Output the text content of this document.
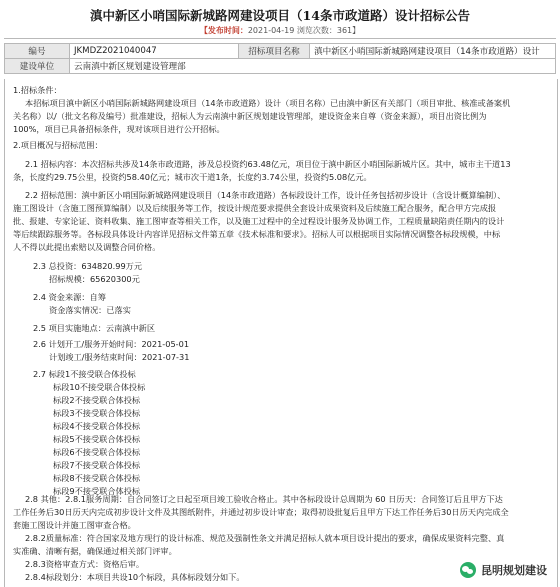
滇中新区小哨国际新城路网建设项目（14条市政道路）设计招标公告
【发布时间：2021-04-19 浏览次数：361】
编号	JKMDZ2021040047	招标项目名称	滇中新区小哨国际新城路网建设项目（14条市政道路）设计
建设单位	云南滇中新区规划建设管理部		

1.招标条件：

本招标项目滇中新区小哨国际新城路网建设项目（14条市政道路）设计（项目名称）已由滇中新区有关部门（项目审批、核准或备案机

关名称）以/（批文名称及编号）批准建设，招标人为云南滇中新区规划建设管理部，建设资金来自尊（资金来源），项目出资比例为

100%，项目已具备招标条件，现对该项目进行公开招标。

2.项目概况与招标范围：

2.1 招标内容：本次招标共涉及14条市政道路，涉及总投资约63.48亿元，项目位于滇中新区小哨国际新城片区。其中，城市主干道13

条，长度约29.75公里，投资约58.40亿元；城市次干道1条，长度约3.74公里，投资约5.08亿元。

2.2 招标范围：滇中新区小哨国际新城路网建设项目（14条市政道路）各标段设计工作，设计任务包括初步设计（含设计概算编制）、

施工图设计（含施工图预算编制）以及后续服务等工作，按设计规范要求提供全套设计成果资料及后续施工配合服务，配合甲方完成报

批、报建、专家论证、资料收集、施工图审查等相关工作，以及施工过程中的全过程设计服务及协调工作，工程质量缺陷责任期内的设计

等后续跟踪服务等。各标段具体设计内容详见招标文件第五章《技术标准和要求》。招标人可以根据项目实际情况调整各标段规模，中标

人不得以此提出索赔以及调整合同价格。

2.3 总投资：634820.99万元

招标规模：65620300元

2.4 资金来源：自筹

资金落实情况：已落实

2.5 项目实施地点：云南滇中新区

2.6 计划开工/服务开始时间：2021-05-01

计划竣工/服务结束时间：2021-07-31

2.7 标段1不接受联合体投标

标段10不接受联合体投标

标段2不接受联合体投标

标段3不接受联合体投标

标段4不接受联合体投标

标段5不接受联合体投标

标段6不接受联合体投标

标段7不接受联合体投标

标段8不接受联合体投标

标段9不接受联合体投标

2.8 其他：2.8.1服务周期：自合同签订之日起至项目竣工验收合格止。其中各标段设计总周期为 60 日历天：合同签订后且甲方下达

工作任务后30日历天内完成初步设计文件及其图纸附件，并通过初步设计审查；取得初设批复后且甲方下达工作任务后30日历天内完成全

套施工图设计并施工图审查合格。

2.8.2质量标准：符合国家及地方现行的设计标准、规范及强制性条文并满足招标人就本项目设计提出的要求，确保成果资料完整、真

实准确、清晰有据，确保通过相关部门评审。

2.8.3资格审查方式：资格后审。

2.8.4标段划分：本项目共设10个标段，具体标段划分如下。	昆明规划建设
